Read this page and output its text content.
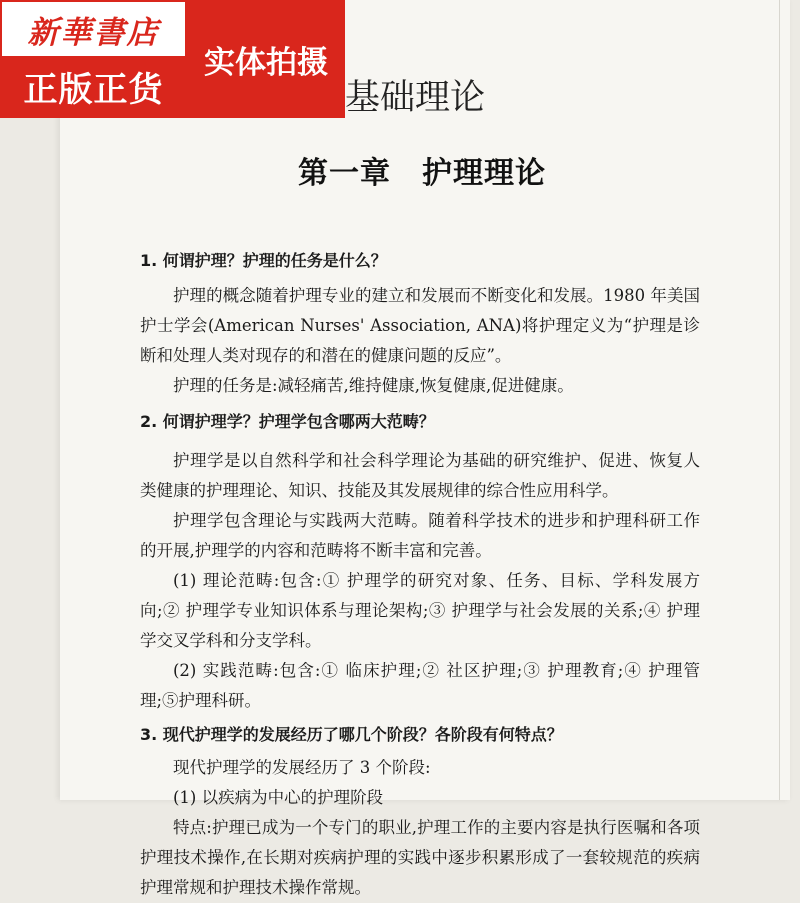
新華書店
正版正货
实体拍摄
基础理论
第一章　护理理论

1. 何谓护理？护理的任务是什么？

护理的概念随着护理专业的建立和发展而不断变化和发展。1980 年美国护士学会(American Nurses' Association, ANA)将护理定义为“护理是诊断和处理人类对现存的和潜在的健康问题的反应”。

护理的任务是:减轻痛苦,维持健康,恢复健康,促进健康。

2. 何谓护理学？护理学包含哪两大范畴？

护理学是以自然科学和社会科学理论为基础的研究维护、促进、恢复人类健康的护理理论、知识、技能及其发展规律的综合性应用科学。

护理学包含理论与实践两大范畴。随着科学技术的进步和护理科研工作的开展,护理学的内容和范畴将不断丰富和完善。

(1) 理论范畴:包含:① 护理学的研究对象、任务、目标、学科发展方向;② 护理学专业知识体系与理论架构;③ 护理学与社会发展的关系;④ 护理学交叉学科和分支学科。

(2) 实践范畴:包含:① 临床护理;② 社区护理;③ 护理教育;④ 护理管理;⑤护理科研。

3. 现代护理学的发展经历了哪几个阶段？各阶段有何特点？

现代护理学的发展经历了 3 个阶段:

(1) 以疾病为中心的护理阶段

特点:护理已成为一个专门的职业,护理工作的主要内容是执行医嘱和各项护理技术操作,在长期对疾病护理的实践中逐步积累形成了一套较规范的疾病护理常规和护理技术操作常规。
